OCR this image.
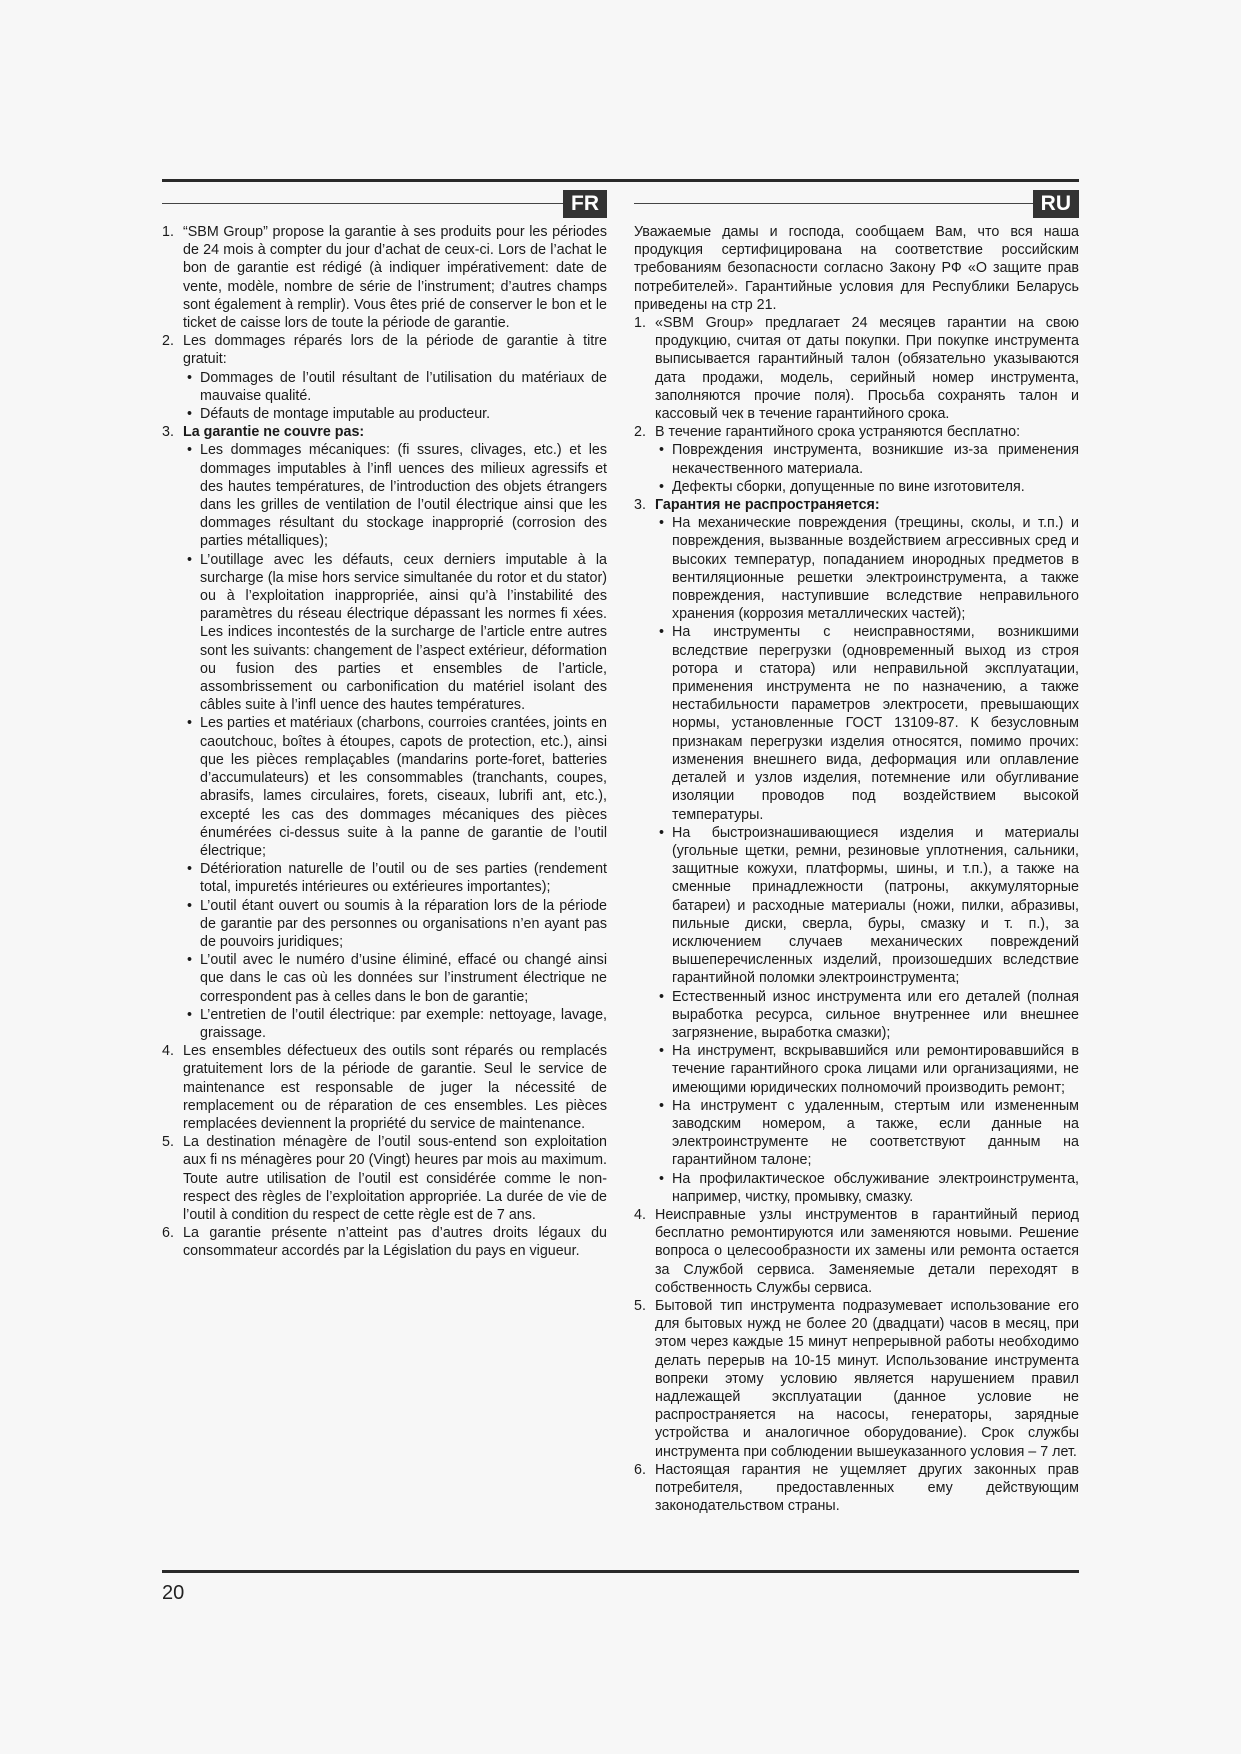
FR
1. “SBM Group” propose la garantie à ses produits pour les périodes de 24 mois à compter du jour d’achat de ceux-ci. Lors de l’achat le bon de garantie est rédigé (à indiquer impérativement: date de vente, modèle, nombre de série de l’instrument; d’autres champs sont également à remplir). Vous êtes prié de conserver le bon et le ticket de caisse lors de toute la période de garantie.
2. Les dommages réparés lors de la période de garantie à titre gratuit:
• Dommages de l’outil résultant de l’utilisation du matériaux de mauvaise qualité.
• Défauts de montage imputable au producteur.
3. La garantie ne couvre pas:
• Les dommages mécaniques: (fi ssures, clivages, etc.) et les dommages imputables à l’infl uences des milieux agressifs et des hautes températures, de l’introduction des objets étrangers dans les grilles de ventilation de l’outil électrique ainsi que les dommages résultant du stockage inapproprié (corrosion des parties métalliques);
• L’outillage avec les défauts, ceux derniers imputable à la surcharge (la mise hors service simultanée du rotor et du stator) ou à l’exploitation inappropriée, ainsi qu’à l’instabilité des paramètres du réseau électrique dépassant les normes fi xées. Les indices incontestés de la surcharge de l’article entre autres sont les suivants: changement de l’aspect extérieur, déformation ou fusion des parties et ensembles de l’article, assombrissement ou carbonification du matériel isolant des câbles suite à l’infl uence des hautes températures.
• Les parties et matériaux (charbons, courroies crantées, joints en caoutchouc, boîtes à étoupes, capots de protection, etc.), ainsi que les pièces remplaçables (mandarins porte-foret, batteries d’accumulateurs) et les consommables (tranchants, coupes, abrasifs, lames circulaires, forets, ciseaux, lubrifi ant, etc.), excepté les cas des dommages mécaniques des pièces énumérées ci-dessus suite à la panne de garantie de l’outil électrique;
• Détérioration naturelle de l’outil ou de ses parties (rendement total, impuretés intérieures ou extérieures importantes);
• L’outil étant ouvert ou soumis à la réparation lors de la période de garantie par des personnes ou organisations n’en ayant pas de pouvoirs juridiques;
• L’outil avec le numéro d’usine éliminé, effacé ou changé ainsi que dans le cas où les données sur l’instrument électrique ne correspondent pas à celles dans le bon de garantie;
• L’entretien de l’outil électrique: par exemple: nettoyage, lavage, graissage.
4. Les ensembles défectueux des outils sont réparés ou remplacés gratuitement lors de la période de garantie. Seul le service de maintenance est responsable de juger la nécessité de remplacement ou de réparation de ces ensembles. Les pièces remplacées deviennent la propriété du service de maintenance.
5. La destination ménagère de l’outil sous-entend son exploitation aux fi ns ménagères pour 20 (Vingt) heures par mois au maximum. Toute autre utilisation de l’outil est considérée comme le non-respect des règles de l’exploitation appropriée. La durée de vie de l’outil à condition du respect de cette règle est de 7 ans.
6. La garantie présente n’atteint pas d’autres droits légaux du consommateur accordés par la Législation du pays en vigueur.
RU

Уважаемые дамы и господа, сообщаем Вам, что вся наша продукция сертифицирована на соответствие российским требованиям безопасности согласно Закону РФ «О защите прав потребителей». Гарантийные условия для Республики Беларусь приведены на стр 21.

1. «SBM Group» предлагает 24 месяцев гарантии на свою продукцию, считая от даты покупки. При покупке инструмента выписывается гарантийный талон (обязательно указываются дата продажи, модель, серийный номер инструмента, заполняются прочие поля). Просьба сохранять талон и кассовый чек в течение гарантийного срока.
2. В течение гарантийного срока устраняются бесплатно:
• Повреждения инструмента, возникшие из-за применения некачественного материала.
• Дефекты сборки, допущенные по вине изготовителя.
3. Гарантия не распространяется:
• На механические повреждения (трещины, сколы, и т.п.) и повреждения, вызванные воздействием агрессивных сред и высоких температур, попаданием инородных предметов в вентиляционные решетки электроинструмента, а также повреждения, наступившие вследствие неправильного хранения (коррозия металлических частей);
• На инструменты с неисправностями, возникшими вследствие перегрузки (одновременный выход из строя ротора и статора) или неправильной эксплуатации, применения инструмента не по назначению, а также нестабильности параметров электросети, превышающих нормы, установленные ГОСТ 13109-87. К безусловным признакам перегрузки изделия относятся, помимо прочих: изменения внешнего вида, деформация или оплавление деталей и узлов изделия, потемнение или обугливание изоляции проводов под воздействием высокой температуры.
• На быстроизнашивающиеся изделия и материалы (угольные щетки, ремни, резиновые уплотнения, сальники, защитные кожухи, платформы, шины, и т.п.), а также на сменные принадлежности (патроны, аккумуляторные батареи) и расходные материалы (ножи, пилки, абразивы, пильные диски, сверла, буры, смазку и т. п.), за исключением случаев механических повреждений вышеперечисленных изделий, произошедших вследствие гарантийной поломки электроинструмента;
• Естественный износ инструмента или его деталей (полная выработка ресурса, сильное внутреннее или внешнее загрязнение, выработка смазки);
• На инструмент, вскрывавшийся или ремонтировавшийся в течение гарантийного срока лицами или организациями, не имеющими юридических полномочий производить ремонт;
• На инструмент с удаленным, стертым или измененным заводским номером, а также, если данные на электроинструменте не соответствуют данным на гарантийном талоне;
• На профилактическое обслуживание электроинструмента, например, чистку, промывку, смазку.
4. Неисправные узлы инструментов в гарантийный период бесплатно ремонтируются или заменяются новыми. Решение вопроса о целесообразности их замены или ремонта остается за Службой сервиса. Заменяемые детали переходят в собственность Службы сервиса.
5. Бытовой тип инструмента подразумевает использование его для бытовых нужд не более 20 (двадцати) часов в месяц, при этом через каждые 15 минут непрерывной работы необходимо делать перерыв на 10-15 минут. Использование инструмента вопреки этому условию является нарушением правил надлежащей эксплуатации (данное условие не распространяется на насосы, генераторы, зарядные устройства и аналогичное оборудование). Срок службы инструмента при соблюдении вышеуказанного условия – 7 лет.
6. Настоящая гарантия не ущемляет других законных прав потребителя, предоставленных ему действующим законодательством страны.
20
